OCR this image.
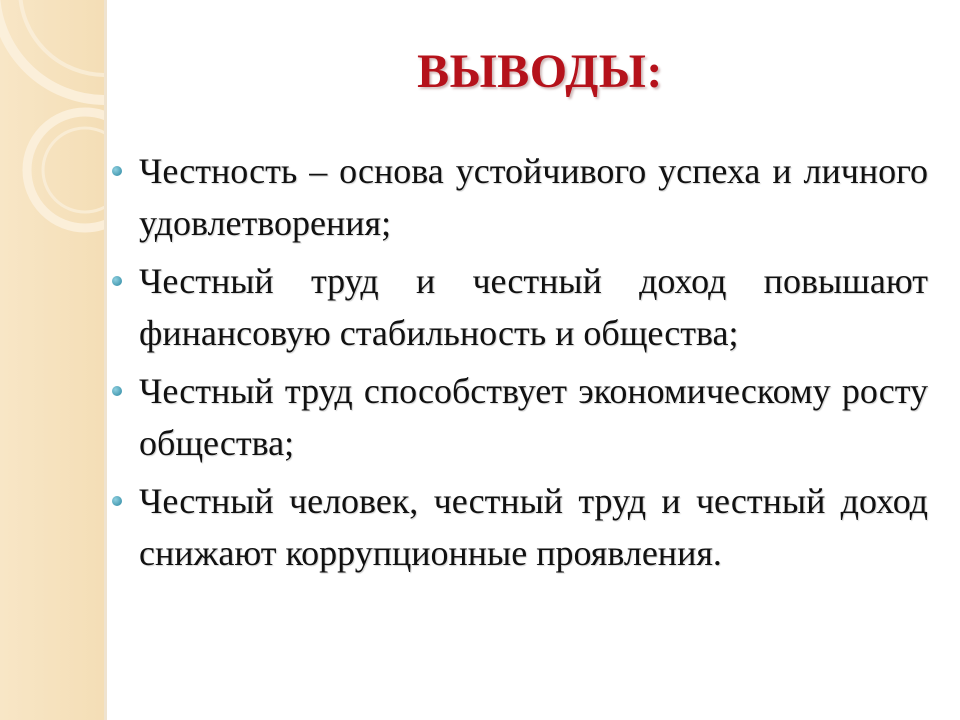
ВЫВОДЫ:
Честность – основа устойчивого успеха и личного удовлетворения;
Честный труд и честный доход повышают финансовую стабильность и общества;
Честный труд способствует экономическому росту общества;
Честный человек, честный труд и честный доход снижают коррупционные проявления.
